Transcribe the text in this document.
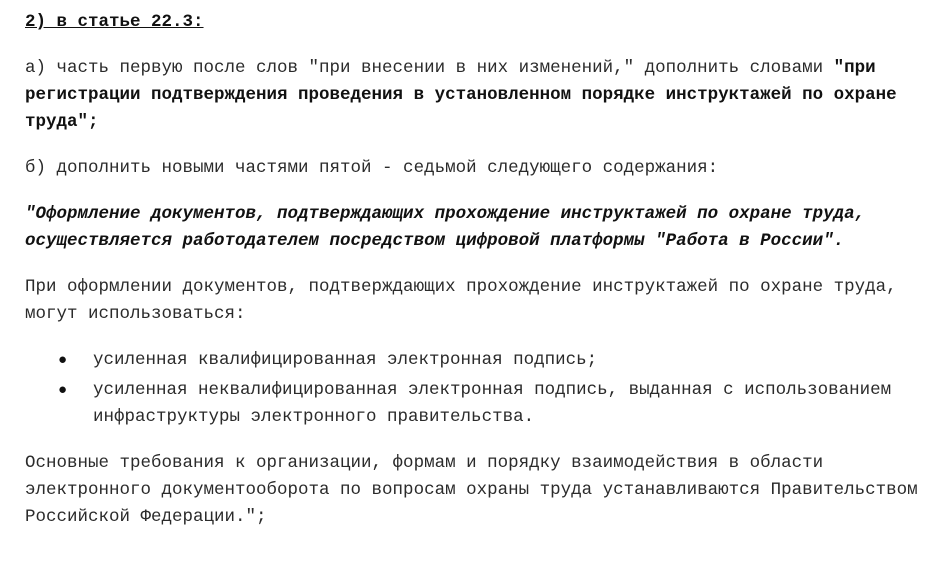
2) в статье 22.3:

а) часть первую после слов "при внесении в них изменений," дополнить словами "при регистрации подтверждения проведения в установленном порядке инструктажей по охране труда";

б) дополнить новыми частями пятой - седьмой следующего содержания:

"Оформление документов, подтверждающих прохождение инструктажей по охране труда, осуществляется работодателем посредством цифровой платформы "Работа в России".

При оформлении документов, подтверждающих прохождение инструктажей по охране труда, могут использоваться:

● усиленная квалифицированная электронная подпись;
● усиленная неквалифицированная электронная подпись, выданная с использованием инфраструктуры электронного правительства.

Основные требования к организации, формам и порядку взаимодействия в области электронного документооборота по вопросам охраны труда устанавливаются Правительством Российской Федерации.";
